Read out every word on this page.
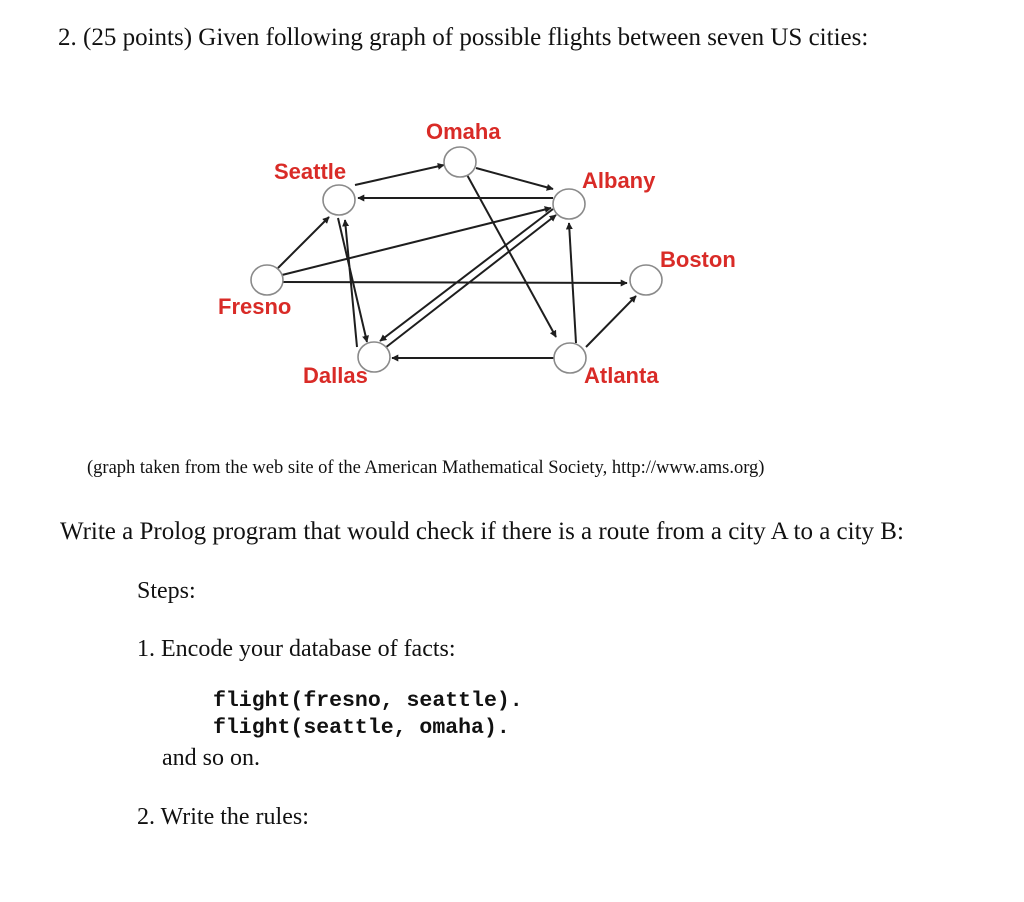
2. (25 points) Given following graph of possible flights between seven US cities:
Omaha
Seattle	Albany
Boston
Fresno
Dallas	Atlanta
(graph taken from the web site of the American Mathematical Society, http://www.ams.org)
Write a Prolog program that would check if there is a route from a city A to a city B:
Steps:
1. Encode your database of facts:
flight(fresno, seattle).
flight(seattle, omaha).
and so on.
2. Write the rules:
